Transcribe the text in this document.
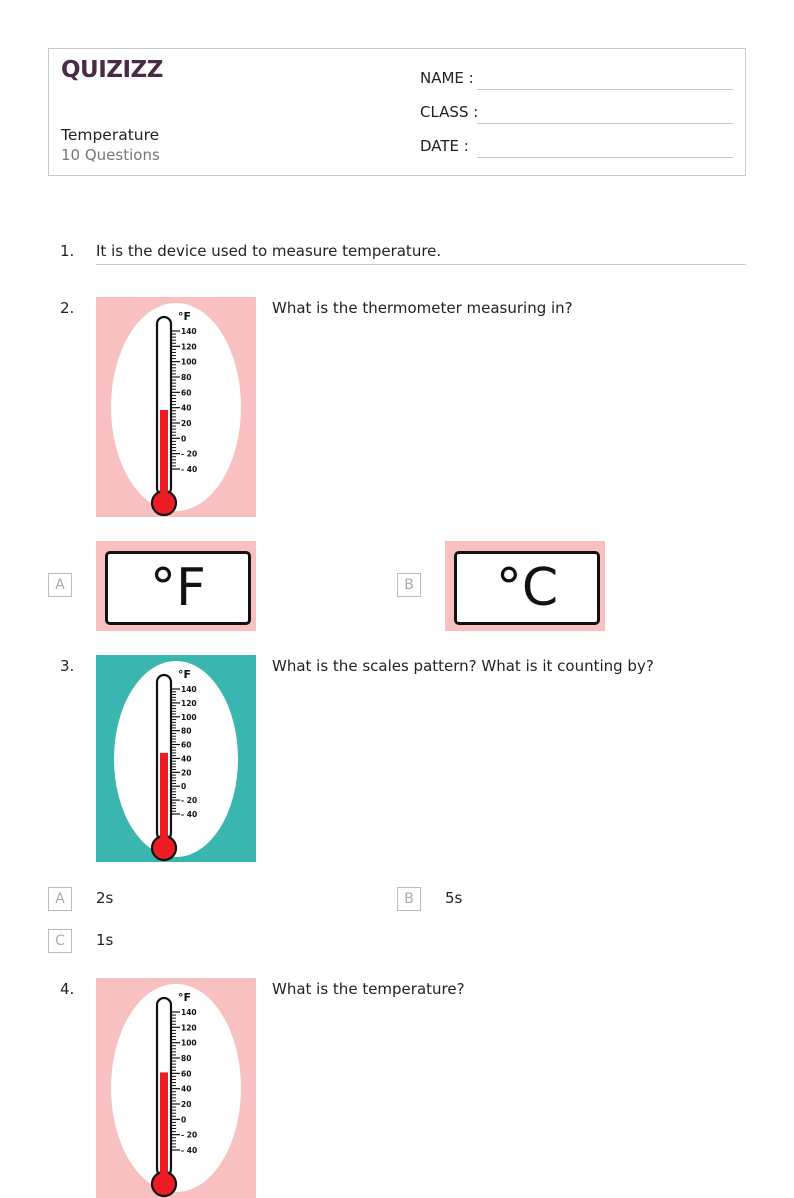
QUIZIZZ
Temperature
10 Questions
NAME :
CLASS :
DATE :
1. It is the device used to measure temperature.
2.	°F
140
120
100
80
60
40
20
0
- 20
- 40
What is the thermometer measuring in?
A	°F	B	°C
3.	°F
140
120
100
80
60
40
20
0
- 20
- 40
What is the scales pattern? What is it counting by?
A	2s	B	5s
C	1s
4.	°F
140
120
100
80
60
40
20
0
- 20
- 40
What is the temperature?
